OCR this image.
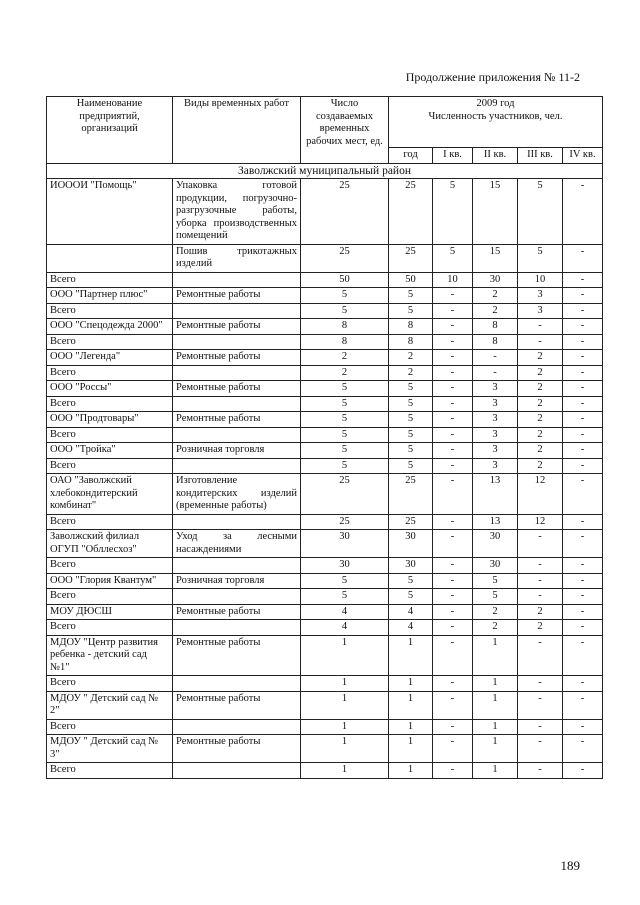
Продолжение приложения № 11-2
Наименование предприятий, организаций	Виды временных работ	Число создаваемых временных рабочих мест, ед.	2009 год
Численность участников, чел.				

			год	I кв.	II кв.	III кв.	IV кв.
Заволжский муниципальный район							
ИОООИ "Помощь"	Упаковка готовой продукции, погрузочно-разгрузочные работы, уборка производственных помещений	25	25	5	15	5	-
	Пошив трикотажных изделий	25	25	5	15	5	-
Всего		50	50	10	30	10	-
ООО "Партнер плюс"	Ремонтные работы	5	5	-	2	3	-
Всего		5	5	-	2	3	-
ООО "Спецодежда 2000"	Ремонтные работы	8	8	-	8	-	-
Всего		8	8	-	8	-	-
ООО "Легенда"	Ремонтные работы	2	2	-	-	2	-
Всего		2	2	-	-	2	-
ООО "Россы"	Ремонтные работы	5	5	-	3	2	-
Всего		5	5	-	3	2	-
ООО "Продтовары"	Ремонтные работы	5	5	-	3	2	-
Всего		5	5	-	3	2	-
ООО "Тройка"	Розничная торговля	5	5	-	3	2	-
Всего		5	5	-	3	2	-
ОАО "Заволжский хлебокондитерский комбинат"	Изготовление кондитерских изделий (временные работы)	25	25	-	13	12	-
Всего		25	25	-	13	12	-
Заволжский филиал ОГУП "Обллесхоз"	Уход за лесными насаждениями	30	30	-	30	-	-
Всего		30	30	-	30	-	-
ООО "Глория Квантум"	Розничная торговля	5	5	-	5	-	-
Всего		5	5	-	5	-	-
МОУ ДЮСШ	Ремонтные работы	4	4	-	2	2	-
Всего		4	4	-	2	2	-
МДОУ "Центр развития ребенка - детский сад №1"	Ремонтные работы	1	1	-	1	-	-
Всего		1	1	-	1	-	-
МДОУ " Детский сад № 2"	Ремонтные работы	1	1	-	1	-	-
Всего		1	1	-	1	-	-
МДОУ " Детский сад № 3"	Ремонтные работы	1	1	-	1	-	-
Всего		1	1	-	1	-	-
189
